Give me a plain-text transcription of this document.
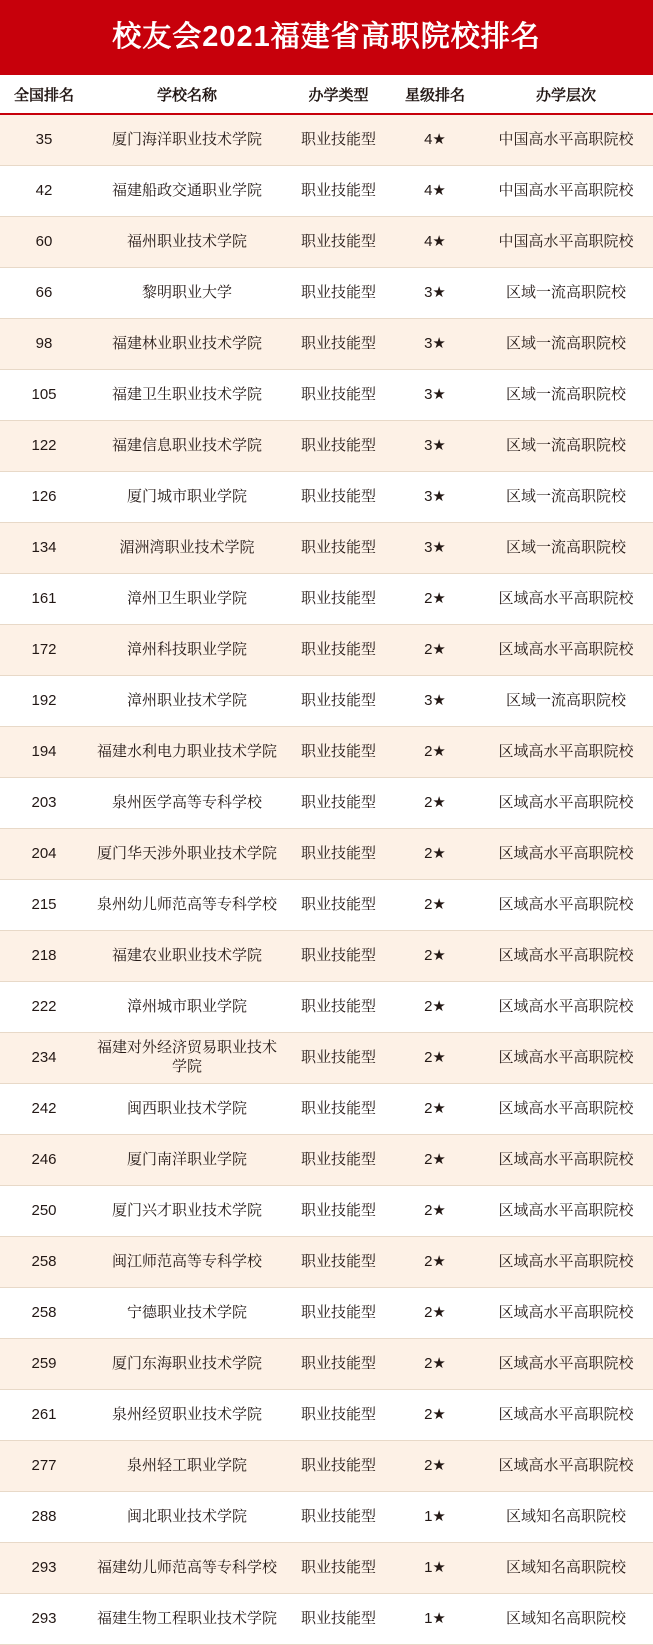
校友会2021福建省高职院校排名
全国排名	学校名称	办学类型	星级排名	办学层次
35	厦门海洋职业技术学院	职业技能型	4★	中国高水平高职院校
42	福建船政交通职业学院	职业技能型	4★	中国高水平高职院校
60	福州职业技术学院	职业技能型	4★	中国高水平高职院校
66	黎明职业大学	职业技能型	3★	区域一流高职院校
98	福建林业职业技术学院	职业技能型	3★	区域一流高职院校
105	福建卫生职业技术学院	职业技能型	3★	区域一流高职院校
122	福建信息职业技术学院	职业技能型	3★	区域一流高职院校
126	厦门城市职业学院	职业技能型	3★	区域一流高职院校
134	湄洲湾职业技术学院	职业技能型	3★	区域一流高职院校
161	漳州卫生职业学院	职业技能型	2★	区域高水平高职院校
172	漳州科技职业学院	职业技能型	2★	区域高水平高职院校
192	漳州职业技术学院	职业技能型	3★	区域一流高职院校
194	福建水利电力职业技术学院	职业技能型	2★	区域高水平高职院校
203	泉州医学高等专科学校	职业技能型	2★	区域高水平高职院校
204	厦门华天涉外职业技术学院	职业技能型	2★	区域高水平高职院校
215	泉州幼儿师范高等专科学校	职业技能型	2★	区域高水平高职院校
218	福建农业职业技术学院	职业技能型	2★	区域高水平高职院校
222	漳州城市职业学院	职业技能型	2★	区域高水平高职院校
234	福建对外经济贸易职业技术学院	职业技能型	2★	区域高水平高职院校
242	闽西职业技术学院	职业技能型	2★	区域高水平高职院校
246	厦门南洋职业学院	职业技能型	2★	区域高水平高职院校
250	厦门兴才职业技术学院	职业技能型	2★	区域高水平高职院校
258	闽江师范高等专科学校	职业技能型	2★	区域高水平高职院校
258	宁德职业技术学院	职业技能型	2★	区域高水平高职院校
259	厦门东海职业技术学院	职业技能型	2★	区域高水平高职院校
261	泉州经贸职业技术学院	职业技能型	2★	区域高水平高职院校
277	泉州轻工职业学院	职业技能型	2★	区域高水平高职院校
288	闽北职业技术学院	职业技能型	1★	区域知名高职院校
293	福建幼儿师范高等专科学校	职业技能型	1★	区域知名高职院校
293	福建生物工程职业技术学院	职业技能型	1★	区域知名高职院校
